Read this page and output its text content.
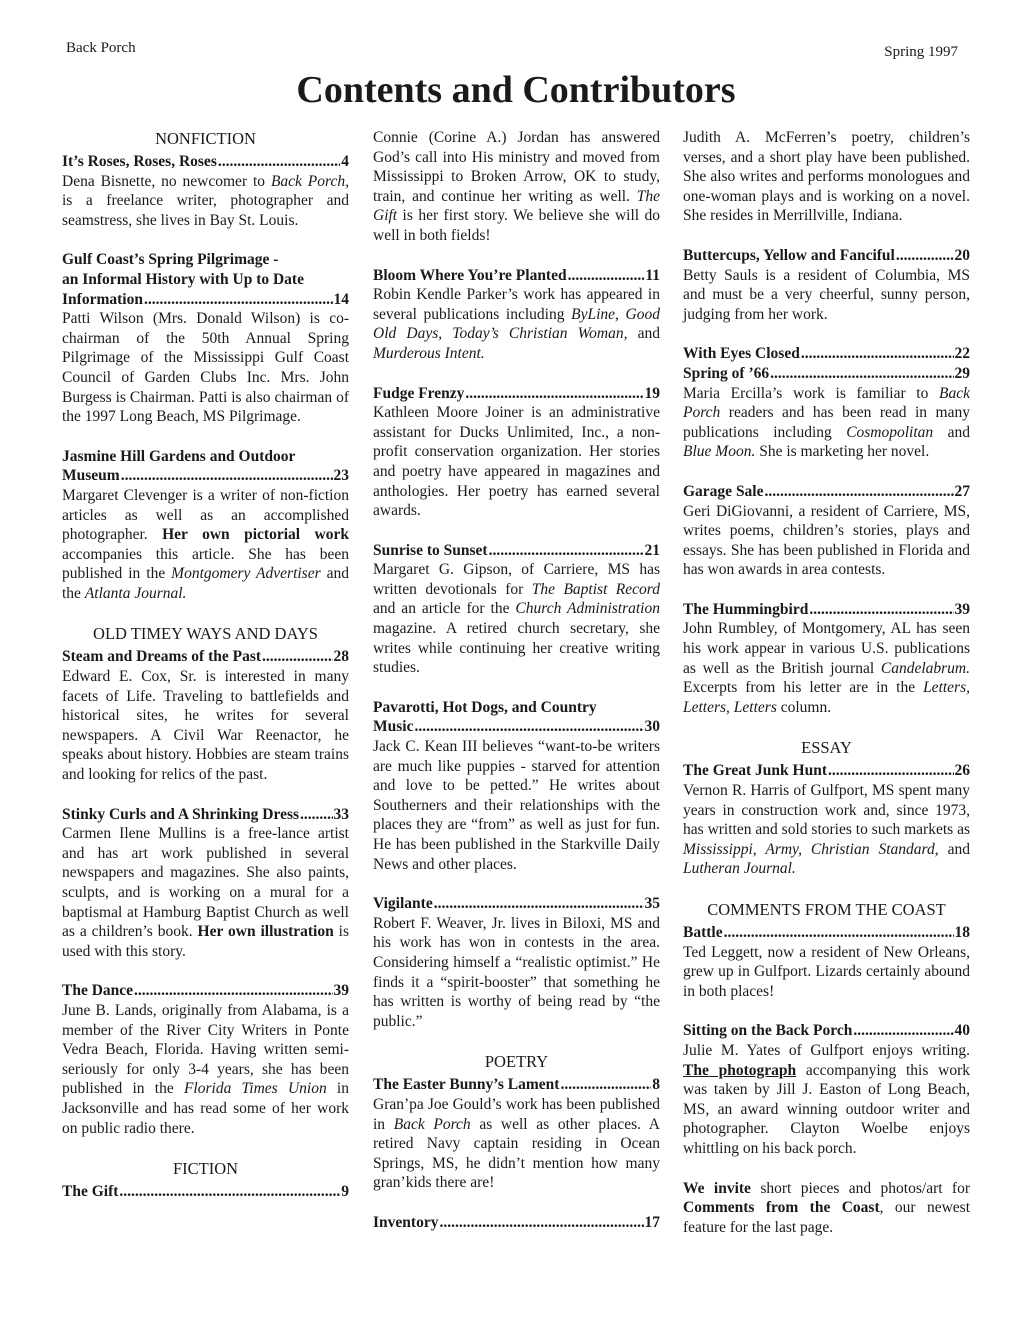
Back Porch	Spring 1997
Contents and Contributors
NONFICTION
It’s Roses, Roses, Roses .....	4
Dena Bisnette, no newcomer to Back Porch, is a freelance writer, photographer and seamstress, she lives in Bay St. Louis.
Gulf Coast’s Spring Pilgrimage -
an Informal History with Up to Date
Information .....	14
Patti Wilson (Mrs. Donald Wilson) is co-chairman of the 50th Annual Spring Pilgrimage of the Mississippi Gulf Coast Council of Garden Clubs Inc. Mrs. John Burgess is Chairman. Patti is also chairman of the 1997 Long Beach, MS Pilgrimage.
Jasmine Hill Gardens and Outdoor
Museum .....	23
Margaret Clevenger is a writer of non-fiction articles as well as an accomplished photographer. Her own pictorial work accompanies this article. She has been published in the Montgomery Advertiser and the Atlanta Journal.
OLD TIMEY WAYS AND DAYS
Steam and Dreams of the Past .....	28
Edward E. Cox, Sr. is interested in many facets of Life. Traveling to battlefields and historical sites, he writes for several newspapers. A Civil War Reenactor, he speaks about history. Hobbies are steam trains and looking for relics of the past.
Stinky Curls and A Shrinking Dress ..... 33
Carmen Ilene Mullins is a free-lance artist and has art work published in several newspapers and magazines. She also paints, sculpts, and is working on a mural for a baptismal at Hamburg Baptist Church as well as a children’s book. Her own illustration is used with this story.
The Dance .....	39
June B. Lands, originally from Alabama, is a member of the River City Writers in Ponte Vedra Beach, Florida. Having written semi-seriously for only 3-4 years, she has been published in the Florida Times Union in Jacksonville and has read some of her work on public radio there.
FICTION
The Gift .....	9
Connie (Corine A.) Jordan has answered God’s call into His ministry and moved from Mississippi to Broken Arrow, OK to study, train, and continue her writing as well. The Gift is her first story. We believe she will do well in both fields!
Bloom Where You’re Planted .....	11
Robin Kendle Parker’s work has appeared in several publications including ByLine, Good Old Days, Today’s Christian Woman, and Murderous Intent.
Fudge Frenzy .....	19
Kathleen Moore Joiner is an administrative assistant for Ducks Unlimited, Inc., a non-profit conservation organization. Her stories and poetry have appeared in magazines and anthologies. Her poetry has earned several awards.
Sunrise to Sunset .....	21
Margaret G. Gipson, of Carriere, MS has written devotionals for The Baptist Record and an article for the Church Administration magazine. A retired church secretary, she writes while continuing her creative writing studies.
Pavarotti, Hot Dogs, and Country
Music .....	30
Jack C. Kean III believes “want-to-be writers are much like puppies - starved for attention and love to be petted.” He writes about Southerners and their relationships with the places they are “from” as well as just for fun. He has been published in the Starkville Daily News and other places.
Vigilante .....	35
Robert F. Weaver, Jr. lives in Biloxi, MS and his work has won in contests in the area. Considering himself a “realistic optimist.” He finds it a “spirit-booster” that something he has written is worthy of being read by “the public.”
POETRY
The Easter Bunny’s Lament .....	8
Gran’pa Joe Gould’s work has been published in Back Porch as well as other places. A retired Navy captain residing in Ocean Springs, MS, he didn’t mention how many gran’kids there are!
Inventory .....	17
Judith A. McFerren’s poetry, children’s verses, and a short play have been published. She also writes and performs monologues and one-woman plays and is working on a novel. She resides in Merrillville, Indiana.
Buttercups, Yellow and Fanciful .....	20
Betty Sauls is a resident of Columbia, MS and must be a very cheerful, sunny person, judging from her work.
With Eyes Closed .....	22
Spring of ’66 .....	29
Maria Ercilla’s work is familiar to Back Porch readers and has been read in many publications including Cosmopolitan and Blue Moon. She is marketing her novel.
Garage Sale .....	27
Geri DiGiovanni, a resident of Carriere, MS, writes poems, children’s stories, plays and essays. She has been published in Florida and has won awards in area contests.
The Hummingbird .....	39
John Rumbley, of Montgomery, AL has seen his work appear in various U.S. publications as well as the British journal Candelabrum. Excerpts from his letter are in the Letters, Letters, Letters column.
ESSAY
The Great Junk Hunt .....	26
Vernon R. Harris of Gulfport, MS spent many years in construction work and, since 1973, has written and sold stories to such markets as Mississippi, Army, Christian Standard, and Lutheran Journal.
COMMENTS FROM THE COAST
Battle .....	18
Ted Leggett, now a resident of New Orleans, grew up in Gulfport. Lizards certainly abound in both places!
Sitting on the Back Porch .....	40
Julie M. Yates of Gulfport enjoys writing. The photograph accompanying this work was taken by Jill J. Easton of Long Beach, MS, an award winning outdoor writer and photographer. Clayton Woelbe enjoys whittling on his back porch.
We invite short pieces and photos/art for Comments from the Coast, our newest feature for the last page.
